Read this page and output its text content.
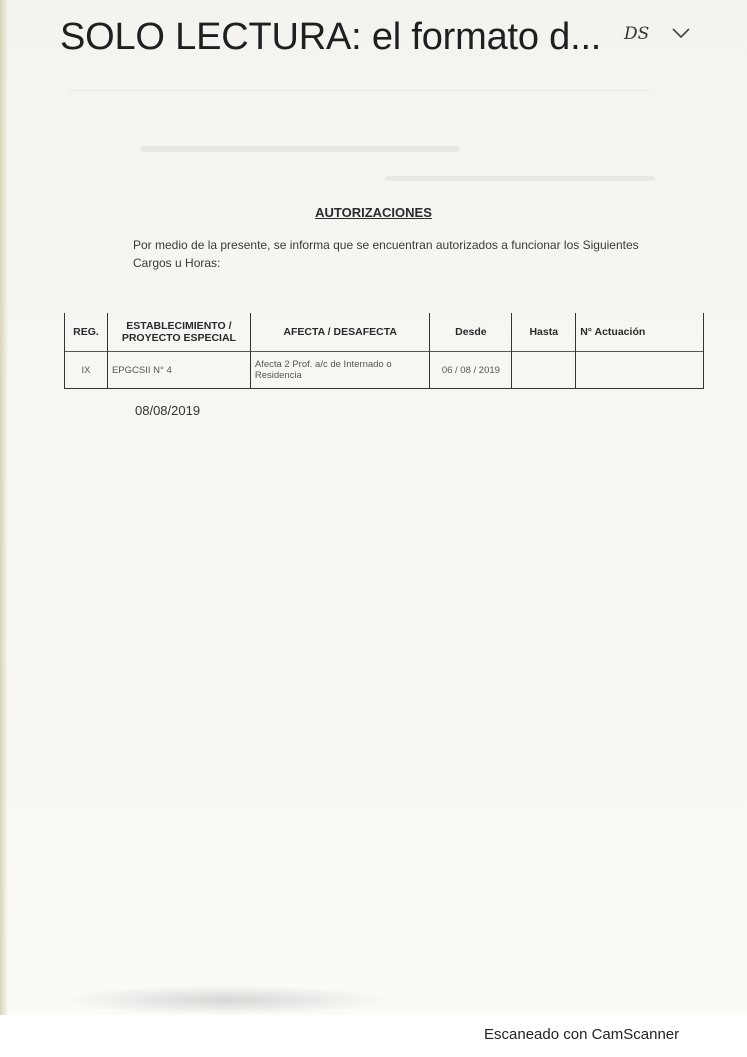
SOLO LECTURA: el formato d... DS
AUTORIZACIONES
Por medio de la presente, se informa que se encuentran autorizados a funcionar los Siguientes Cargos u Horas:
REG.	ESTABLECIMIENTO / PROYECTO ESPECIAL	AFECTA / DESAFECTA	Desde	Hasta	N° Actuación
IX	EPGCSII N° 4	Afecta 2 Prof. a/c de Internado o Residencia	06 / 08 / 2019		
08/08/2019
Escaneado con CamScanner
